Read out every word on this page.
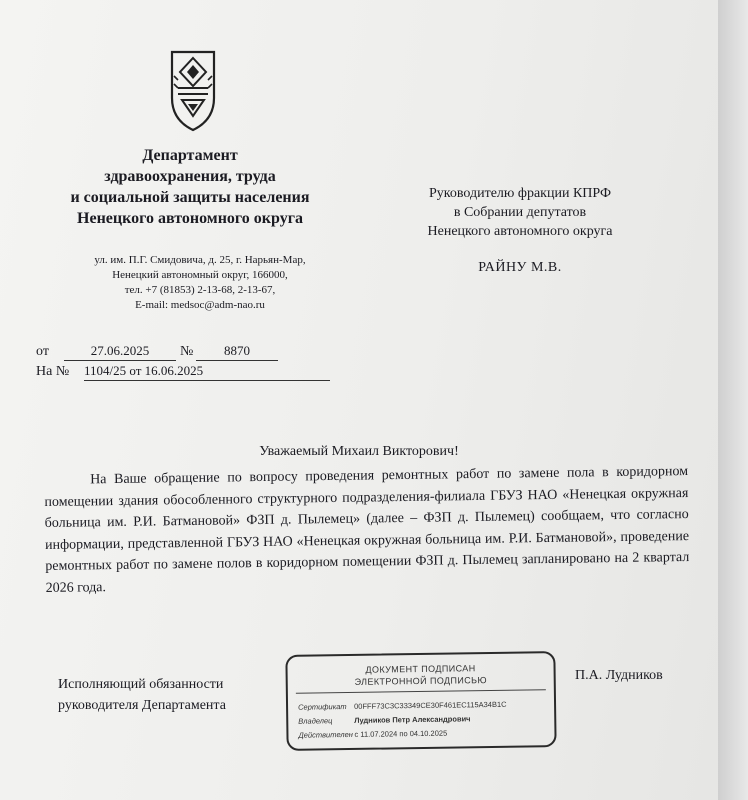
Департамент
здравоохранения, труда
и социальной защиты населения
Ненецкого автономного округа
ул. им. П.Г. Смидовича, д. 25, г. Нарьян-Мар,
Ненецкий автономный округ, 166000,
тел. +7 (81853) 2-13-68, 2-13-67,
E-mail: medsoc@adm-nao.ru
Руководителю фракции КПРФ
в Собрании депутатов
Ненецкого автономного округа
РАЙНУ М.В.
от	27.06.2025	№	8870
На № 1104/25 от 16.06.2025
Уважаемый Михаил Викторович!
На Ваше обращение по вопросу проведения ремонтных работ по замене пола в коридорном помещении здания обособленного структурного подразделения-филиала ГБУЗ НАО «Ненецкая окружная больница им. Р.И. Батмановой» ФЗП д. Пылемец» (далее – ФЗП д. Пылемец) сообщаем, что согласно информации, представленной ГБУЗ НАО «Ненецкая окружная больница им. Р.И. Батмановой», проведение ремонтных работ по замене полов в коридорном помещении ФЗП д. Пылемец запланировано на 2 квартал 2026 года.
Исполняющий обязанности
руководителя Департамента
ДОКУМЕНТ ПОДПИСАН
ЭЛЕКТРОННОЙ ПОДПИСЬЮ
Сертификат 00FFF73C3C33349CE30F461EC115A34B1C
Владелец	Лудников Петр Александрович
Действителенс 11.07.2024 по 04.10.2025
П.А. Лудников
